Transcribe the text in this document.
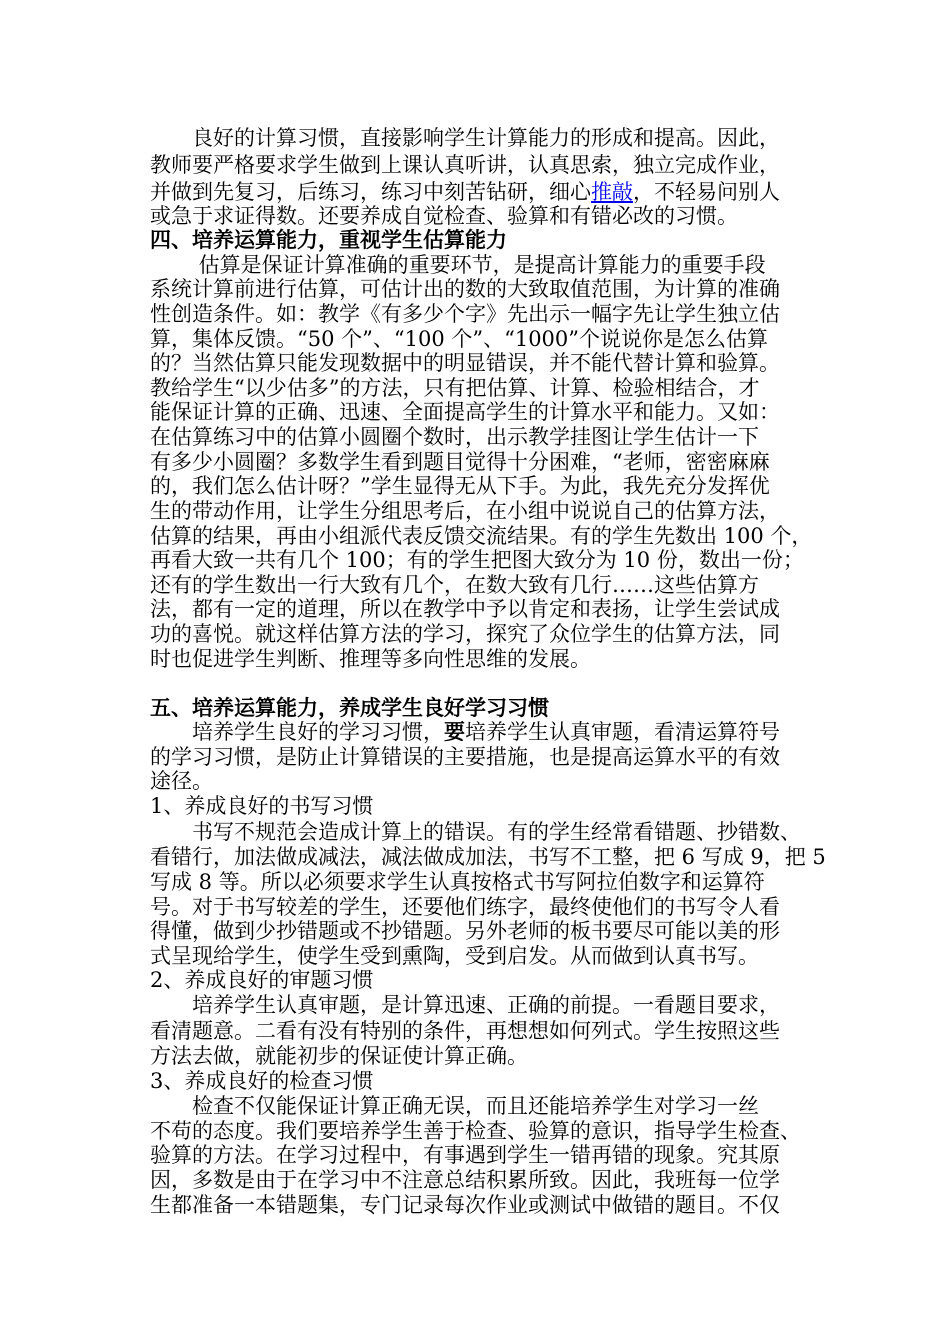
　　良好的计算习惯，直接影响学生计算能力的形成和提高。因此，
教师要严格要求学生做到上课认真听讲，认真思索，独立完成作业，
并做到先复习，后练习，练习中刻苦钻研，细心推敲，不轻易问别人
或急于求证得数。还要养成自觉检查、验算和有错必改的习惯。
四、培养运算能力，重视学生估算能力
　　 估算是保证计算准确的重要环节，是提高计算能力的重要手段
系统计算前进行估算，可估计出的数的大致取值范围，为计算的准确
性创造条件。如：教学《有多少个字》先出示一幅字先让学生独立估
算，集体反馈。“50 个”、“100 个”、“1000”个说说你是怎么估算
的？当然估算只能发现数据中的明显错误，并不能代替计算和验算。
教给学生“以少估多”的方法，只有把估算、计算、检验相结合，才
能保证计算的正确、迅速、全面提高学生的计算水平和能力。又如：
在估算练习中的估算小圆圈个数时，出示教学挂图让学生估计一下
有多少小圆圈？多数学生看到题目觉得十分困难，“老师，密密麻麻
的，我们怎么估计呀？”学生显得无从下手。为此，我先充分发挥优
生的带动作用，让学生分组思考后，在小组中说说自己的估算方法，
估算的结果，再由小组派代表反馈交流结果。有的学生先数出 100 个，
再看大致一共有几个 100；有的学生把图大致分为 10 份，数出一份；
还有的学生数出一行大致有几个，在数大致有几行……这些估算方
法，都有一定的道理，所以在教学中予以肯定和表扬，让学生尝试成
功的喜悦。就这样估算方法的学习，探究了众位学生的估算方法，同
时也促进学生判断、推理等多向性思维的发展。
五、培养运算能力，养成学生良好学习习惯
　　培养学生良好的学习习惯，要培养学生认真审题，看清运算符号
的学习习惯，是防止计算错误的主要措施，也是提高运算水平的有效
途径。
1、养成良好的书写习惯
　　书写不规范会造成计算上的错误。有的学生经常看错题、抄错数、
看错行，加法做成减法，减法做成加法，书写不工整，把 6 写成 9，把 5
写成 8 等。所以必须要求学生认真按格式书写阿拉伯数字和运算符
号。对于书写较差的学生，还要他们练字，最终使他们的书写令人看
得懂，做到少抄错题或不抄错题。另外老师的板书要尽可能以美的形
式呈现给学生，使学生受到熏陶，受到启发。从而做到认真书写。
2、养成良好的审题习惯
　　培养学生认真审题，是计算迅速、正确的前提。一看题目要求，
看清题意。二看有没有特别的条件，再想想如何列式。学生按照这些
方法去做，就能初步的保证使计算正确。
3、养成良好的检查习惯
　　检查不仅能保证计算正确无误，而且还能培养学生对学习一丝
不苟的态度。我们要培养学生善于检查、验算的意识，指导学生检查、
验算的方法。在学习过程中，有事遇到学生一错再错的现象。究其原
因，多数是由于在学习中不注意总结积累所致。因此，我班每一位学
生都准备一本错题集，专门记录每次作业或测试中做错的题目。不仅
